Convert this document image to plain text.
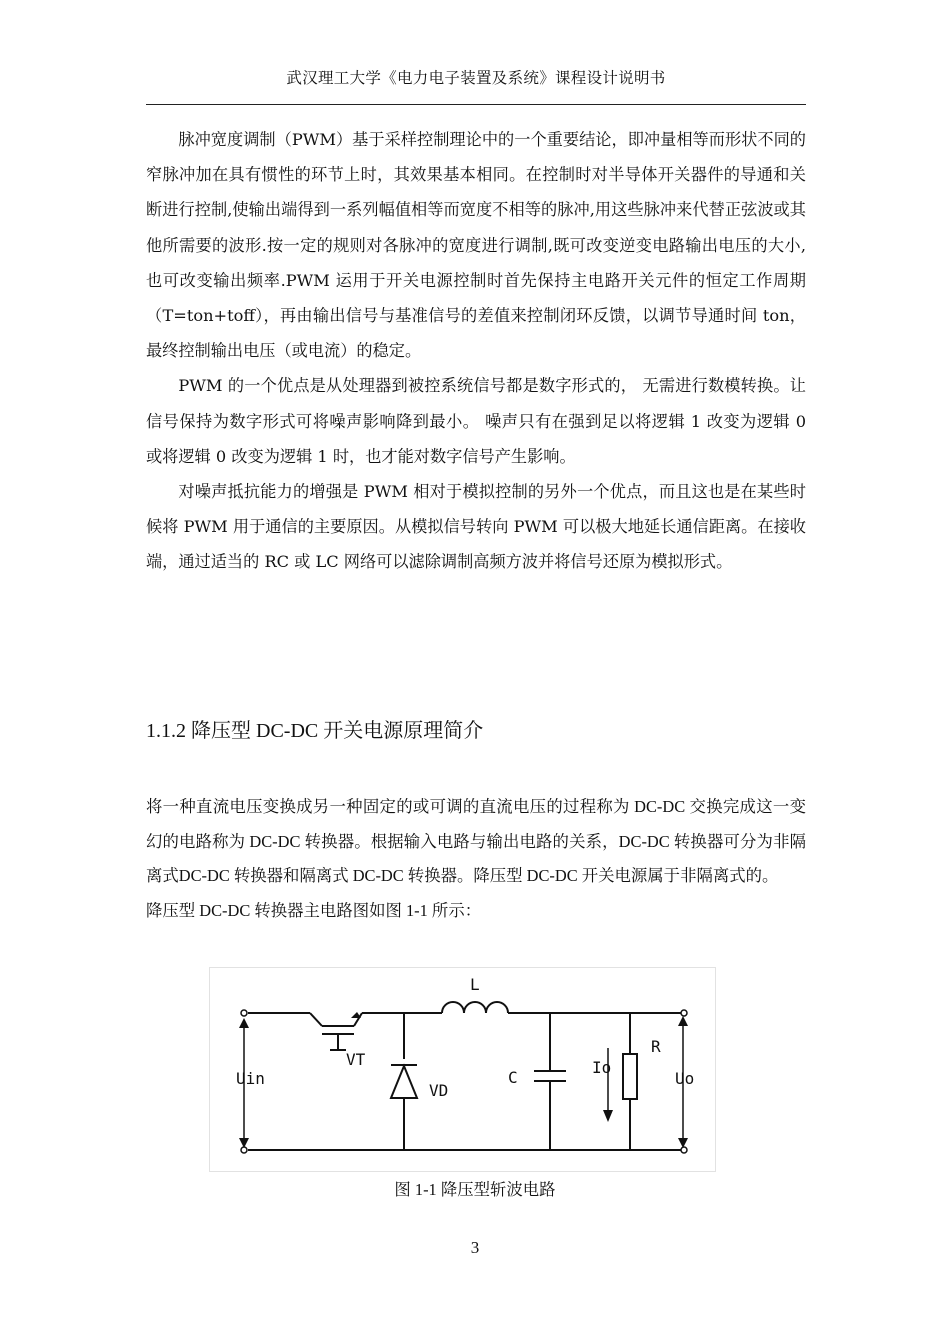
武汉理工大学《电力电子装置及系统》课程设计说明书

脉冲宽度调制（PWM）基于采样控制理论中的一个重要结论，即冲量相等而形状不同的窄脉冲加在具有惯性的环节上时，其效果基本相同。在控制时对半导体开关器件的导通和关断进行控制,使输出端得到一系列幅值相等而宽度不相等的脉冲,用这些脉冲来代替正弦波或其他所需要的波形.按一定的规则对各脉冲的宽度进行调制,既可改变逆变电路输出电压的大小,也可改变输出频率.PWM 运用于开关电源控制时首先保持主电路开关元件的恒定工作周期（T=ton+toff），再由输出信号与基准信号的差值来控制闭环反馈，以调节导通时间 ton，最终控制输出电压（或电流）的稳定。

PWM 的一个优点是从处理器到被控系统信号都是数字形式的， 无需进行数模转换。让信号保持为数字形式可将噪声影响降到最小。 噪声只有在强到足以将逻辑 1 改变为逻辑 0 或将逻辑 0 改变为逻辑 1 时，也才能对数字信号产生影响。

对噪声抵抗能力的增强是 PWM 相对于模拟控制的另外一个优点，而且这也是在某些时候将 PWM 用于通信的主要原因。从模拟信号转向 PWM 可以极大地延长通信距离。在接收端，通过适当的 RC 或 LC 网络可以滤除调制高频方波并将信号还原为模拟形式。

1.1.2 降压型 DC-DC 开关电源原理简介

将一种直流电压变换成另一种固定的或可调的直流电压的过程称为 DC-DC 交换完成这一变幻的电路称为 DC-DC 转换器。根据输入电路与输出电路的关系，DC-DC 转换器可分为非隔离式DC-DC 转换器和隔离式 DC-DC 转换器。降压型 DC-DC 开关电源属于非隔离式的。

降压型 DC-DC 转换器主电路图如图 1-1 所示：

L
VT
Uin
VD
C
Io
R
Uo
图 1-1 降压型斩波电路
3
